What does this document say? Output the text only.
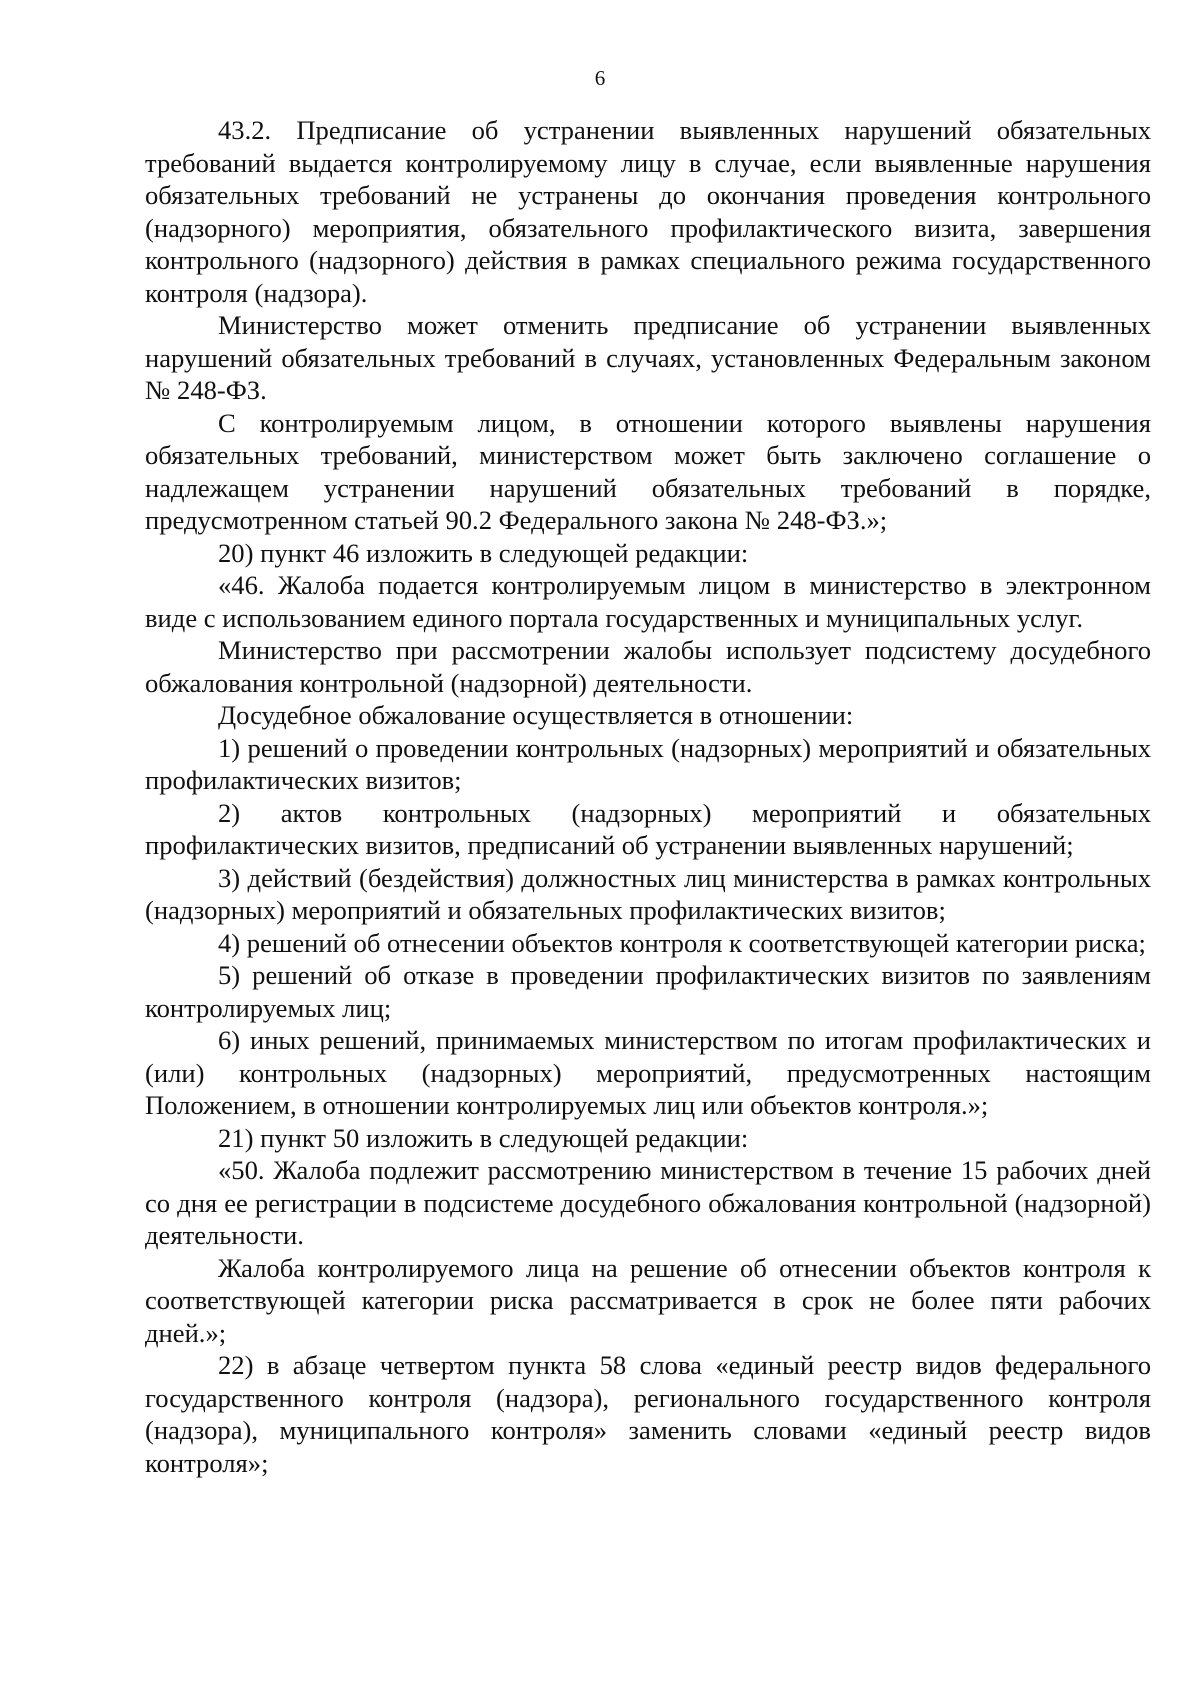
6

43.2. Предписание об устранении выявленных нарушений обязательных требований выдается контролируемому лицу в случае, если выявленные нарушения обязательных требований не устранены до окончания проведения контрольного (надзорного) мероприятия, обязательного профилактического визита, завершения контрольного (надзорного) действия в рамках специального режима государственного контроля (надзора).

Министерство может отменить предписание об устранении выявленных нарушений обязательных требований в случаях, установленных Федеральным законом № 248-ФЗ.

С контролируемым лицом, в отношении которого выявлены нарушения обязательных требований, министерством может быть заключено соглашение о надлежащем устранении нарушений обязательных требований в порядке, предусмотренном статьей 90.2 Федерального закона № 248-ФЗ.»;

20) пункт 46 изложить в следующей редакции:

«46. Жалоба подается контролируемым лицом в министерство в электронном виде с использованием единого портала государственных и муниципальных услуг.

Министерство при рассмотрении жалобы использует подсистему досудебного обжалования контрольной (надзорной) деятельности.

Досудебное обжалование осуществляется в отношении:

1) решений о проведении контрольных (надзорных) мероприятий и обязательных профилактических визитов;

2) актов контрольных (надзорных) мероприятий и обязательных профилактических визитов, предписаний об устранении выявленных нарушений;

3) действий (бездействия) должностных лиц министерства в рамках контрольных (надзорных) мероприятий и обязательных профилактических визитов;

4) решений об отнесении объектов контроля к соответствующей категории риска;

5) решений об отказе в проведении профилактических визитов по заявлениям контролируемых лиц;

6) иных решений, принимаемых министерством по итогам профилактических и (или) контрольных (надзорных) мероприятий, предусмотренных настоящим Положением, в отношении контролируемых лиц или объектов контроля.»;

21) пункт 50 изложить в следующей редакции:

«50. Жалоба подлежит рассмотрению министерством в течение 15 рабочих дней со дня ее регистрации в подсистеме досудебного обжалования контрольной (надзорной) деятельности.

Жалоба контролируемого лица на решение об отнесении объектов контроля к соответствующей категории риска рассматривается в срок не более пяти рабочих дней.»;

22) в абзаце четвертом пункта 58 слова «единый реестр видов федерального государственного контроля (надзора), регионального государственного контроля (надзора), муниципального контроля» заменить словами «единый реестр видов контроля»;
